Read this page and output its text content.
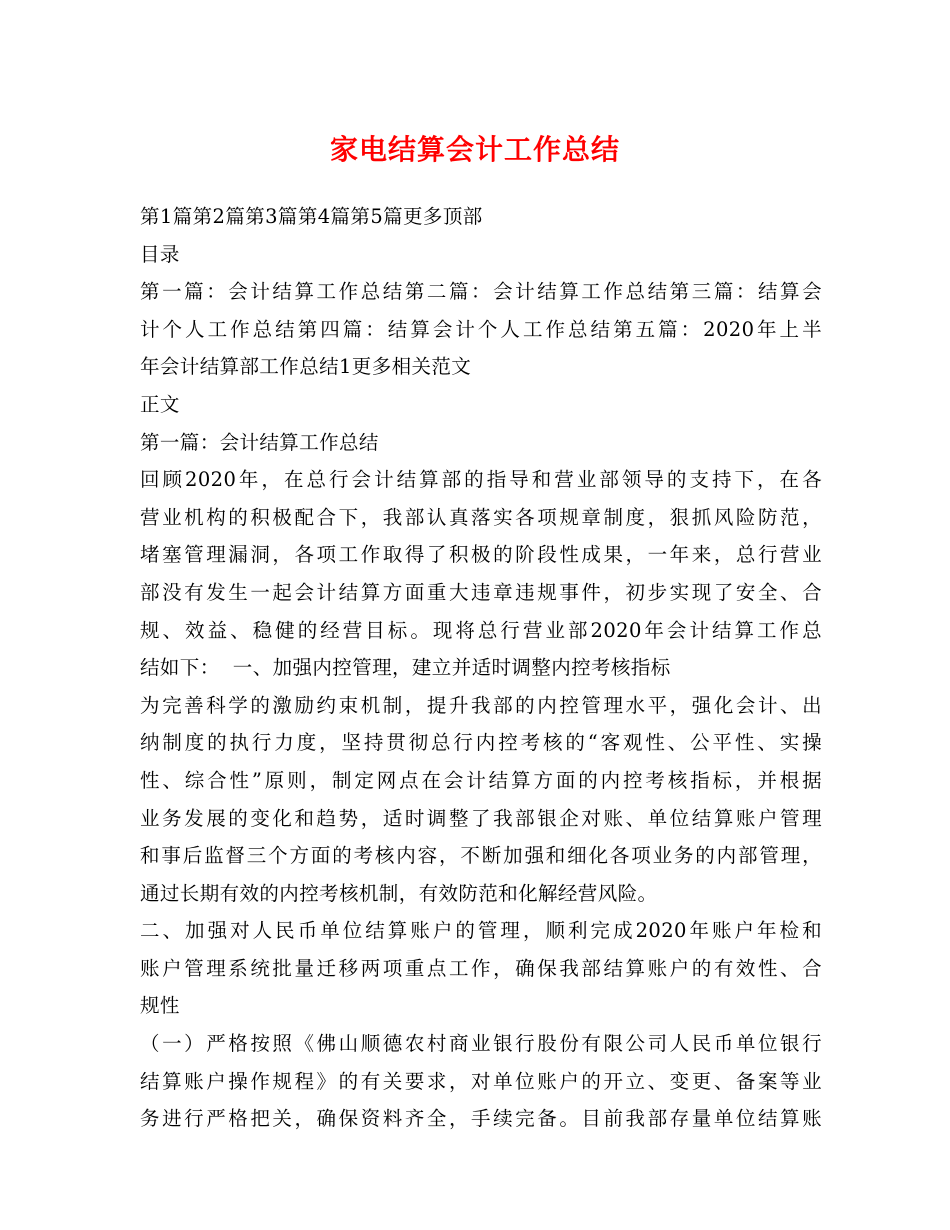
家电结算会计工作总结
第1篇第2篇第3篇第4篇第5篇更多顶部
目录
第一篇：会计结算工作总结第二篇：会计结算工作总结第三篇：结算会
计个人工作总结第四篇：结算会计个人工作总结第五篇：2020年上半
年会计结算部工作总结1更多相关范文
正文
第一篇：会计结算工作总结
回顾2020年，在总行会计结算部的指导和营业部领导的支持下，在各
营业机构的积极配合下，我部认真落实各项规章制度，狠抓风险防范，
堵塞管理漏洞，各项工作取得了积极的阶段性成果，一年来，总行营业
部没有发生一起会计结算方面重大违章违规事件，初步实现了安全、合
规、效益、稳健的经营目标。现将总行营业部2020年会计结算工作总
结如下：  一、加强内控管理，建立并适时调整内控考核指标
为完善科学的激励约束机制，提升我部的内控管理水平，强化会计、出
纳制度的执行力度，坚持贯彻总行内控考核的“客观性、公平性、实操
性、综合性”原则，制定网点在会计结算方面的内控考核指标，并根据
业务发展的变化和趋势，适时调整了我部银企对账、单位结算账户管理
和事后监督三个方面的考核内容，不断加强和细化各项业务的内部管理，
通过长期有效的内控考核机制，有效防范和化解经营风险。
二、加强对人民币单位结算账户的管理，顺利完成2020年账户年检和
账户管理系统批量迁移两项重点工作，确保我部结算账户的有效性、合
规性
（一）严格按照《佛山顺德农村商业银行股份有限公司人民币单位银行
结算账户操作规程》的有关要求，对单位账户的开立、变更、备案等业
务进行严格把关，确保资料齐全，手续完备。目前我部存量单位结算账
